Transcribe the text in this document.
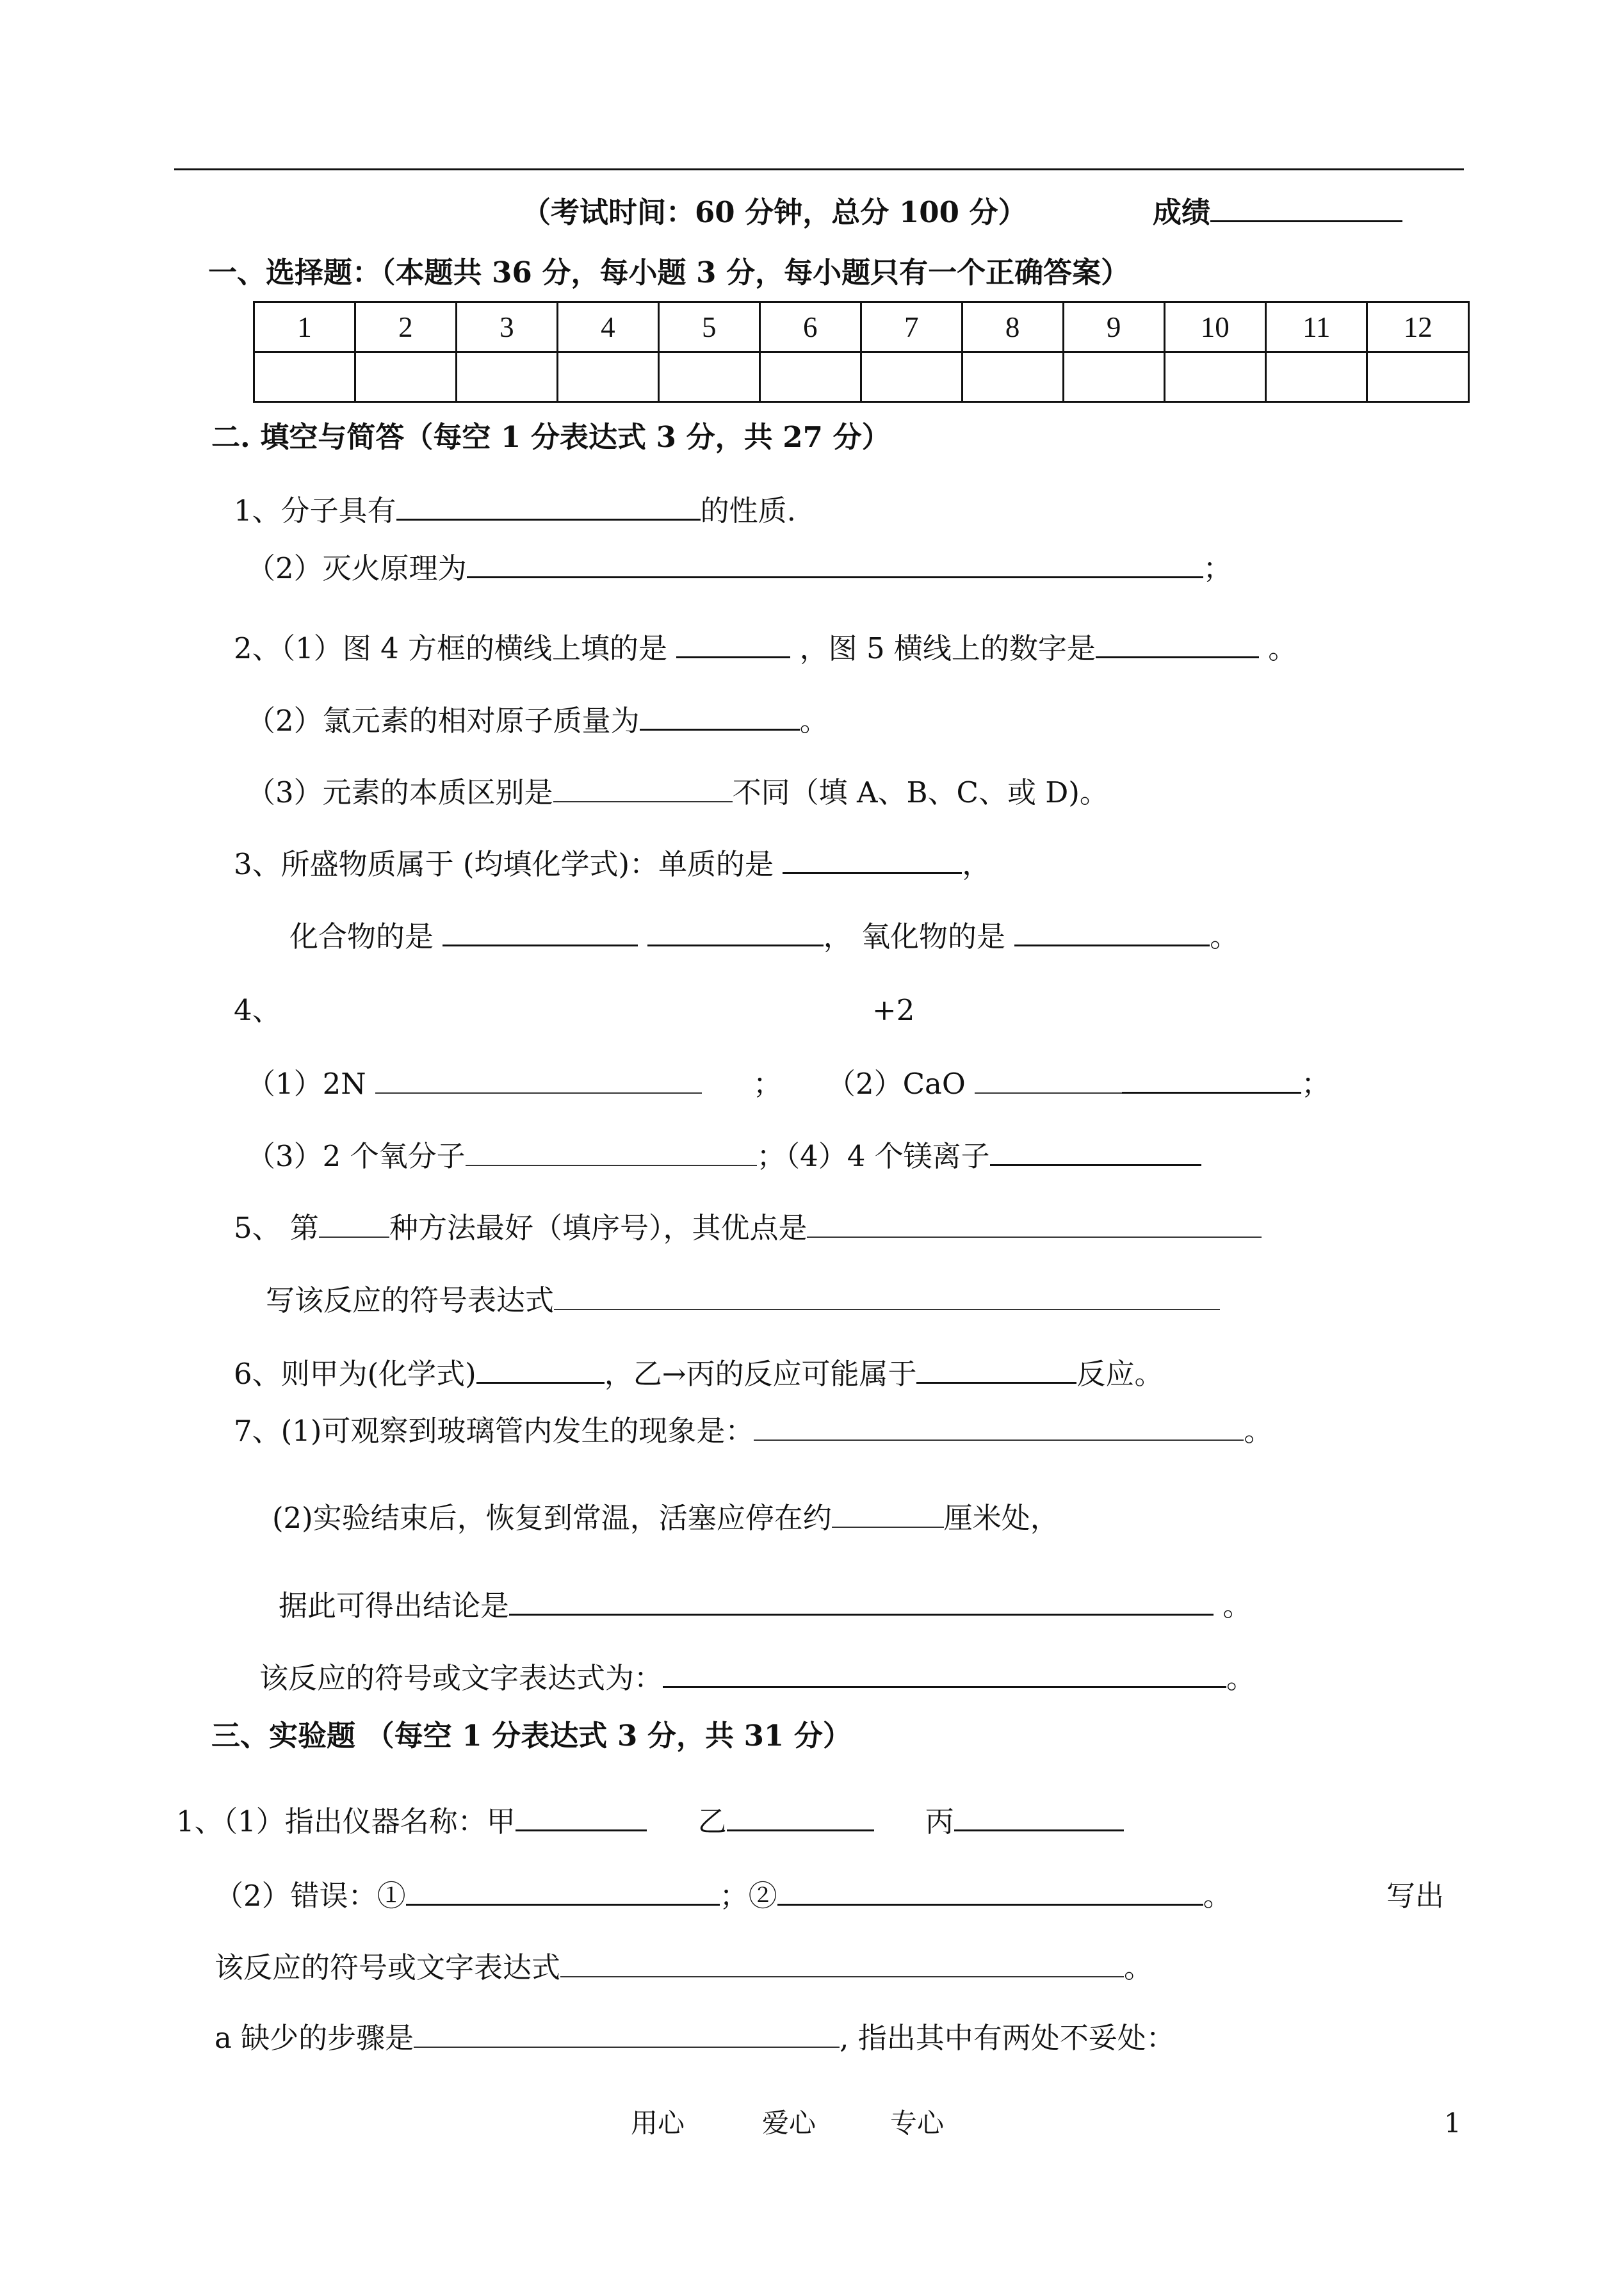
（考试时间：60 分钟，总分 100 分）	成绩
一、选择题：（本题共 36 分，每小题 3 分，每小题只有一个正确答案）
1	2	3	4	5	6	7	8	9	10	11	12

二. 填空与简答（每空 1 分表达式 3 分，共 27 分）
1、分子具有	的性质.
（2）灭火原理为	；
2、（1）图 4 方框的横线上填的是	，图 5 横线上的数字是	。
（2）氯元素的相对原子质量为	。
（3）元素的本质区别是	不同（填 A、B、C、或 D)。
3、所盛物质属于 (均填化学式)：单质的是	，
化合物的是	， 氧化物的是	。
4、	+2
（1）2N	； （2）CaO	；
（3）2 个氧分子	；（4）4 个镁离子
5、 第 种方法最好（填序号），其优点是
写该反应的符号表达式
6、则甲为(化学式)	，乙→丙的反应可能属于	反应。
7、(1)可观察到玻璃管内发生的现象是：	。
(2)实验结束后，恢复到常温，活塞应停在约	厘米处，
据此可得出结论是	。
该反应的符号或文字表达式为：	。
三、实验题 （每空 1 分表达式 3 分，共 31 分）
1、（1）指出仪器名称：甲	乙	丙
（2）错误：①	；②	。	写出
该反应的符号或文字表达式	。
a 缺少的步骤是	, 指出其中有两处不妥处：
用心	爱心	专心	1
